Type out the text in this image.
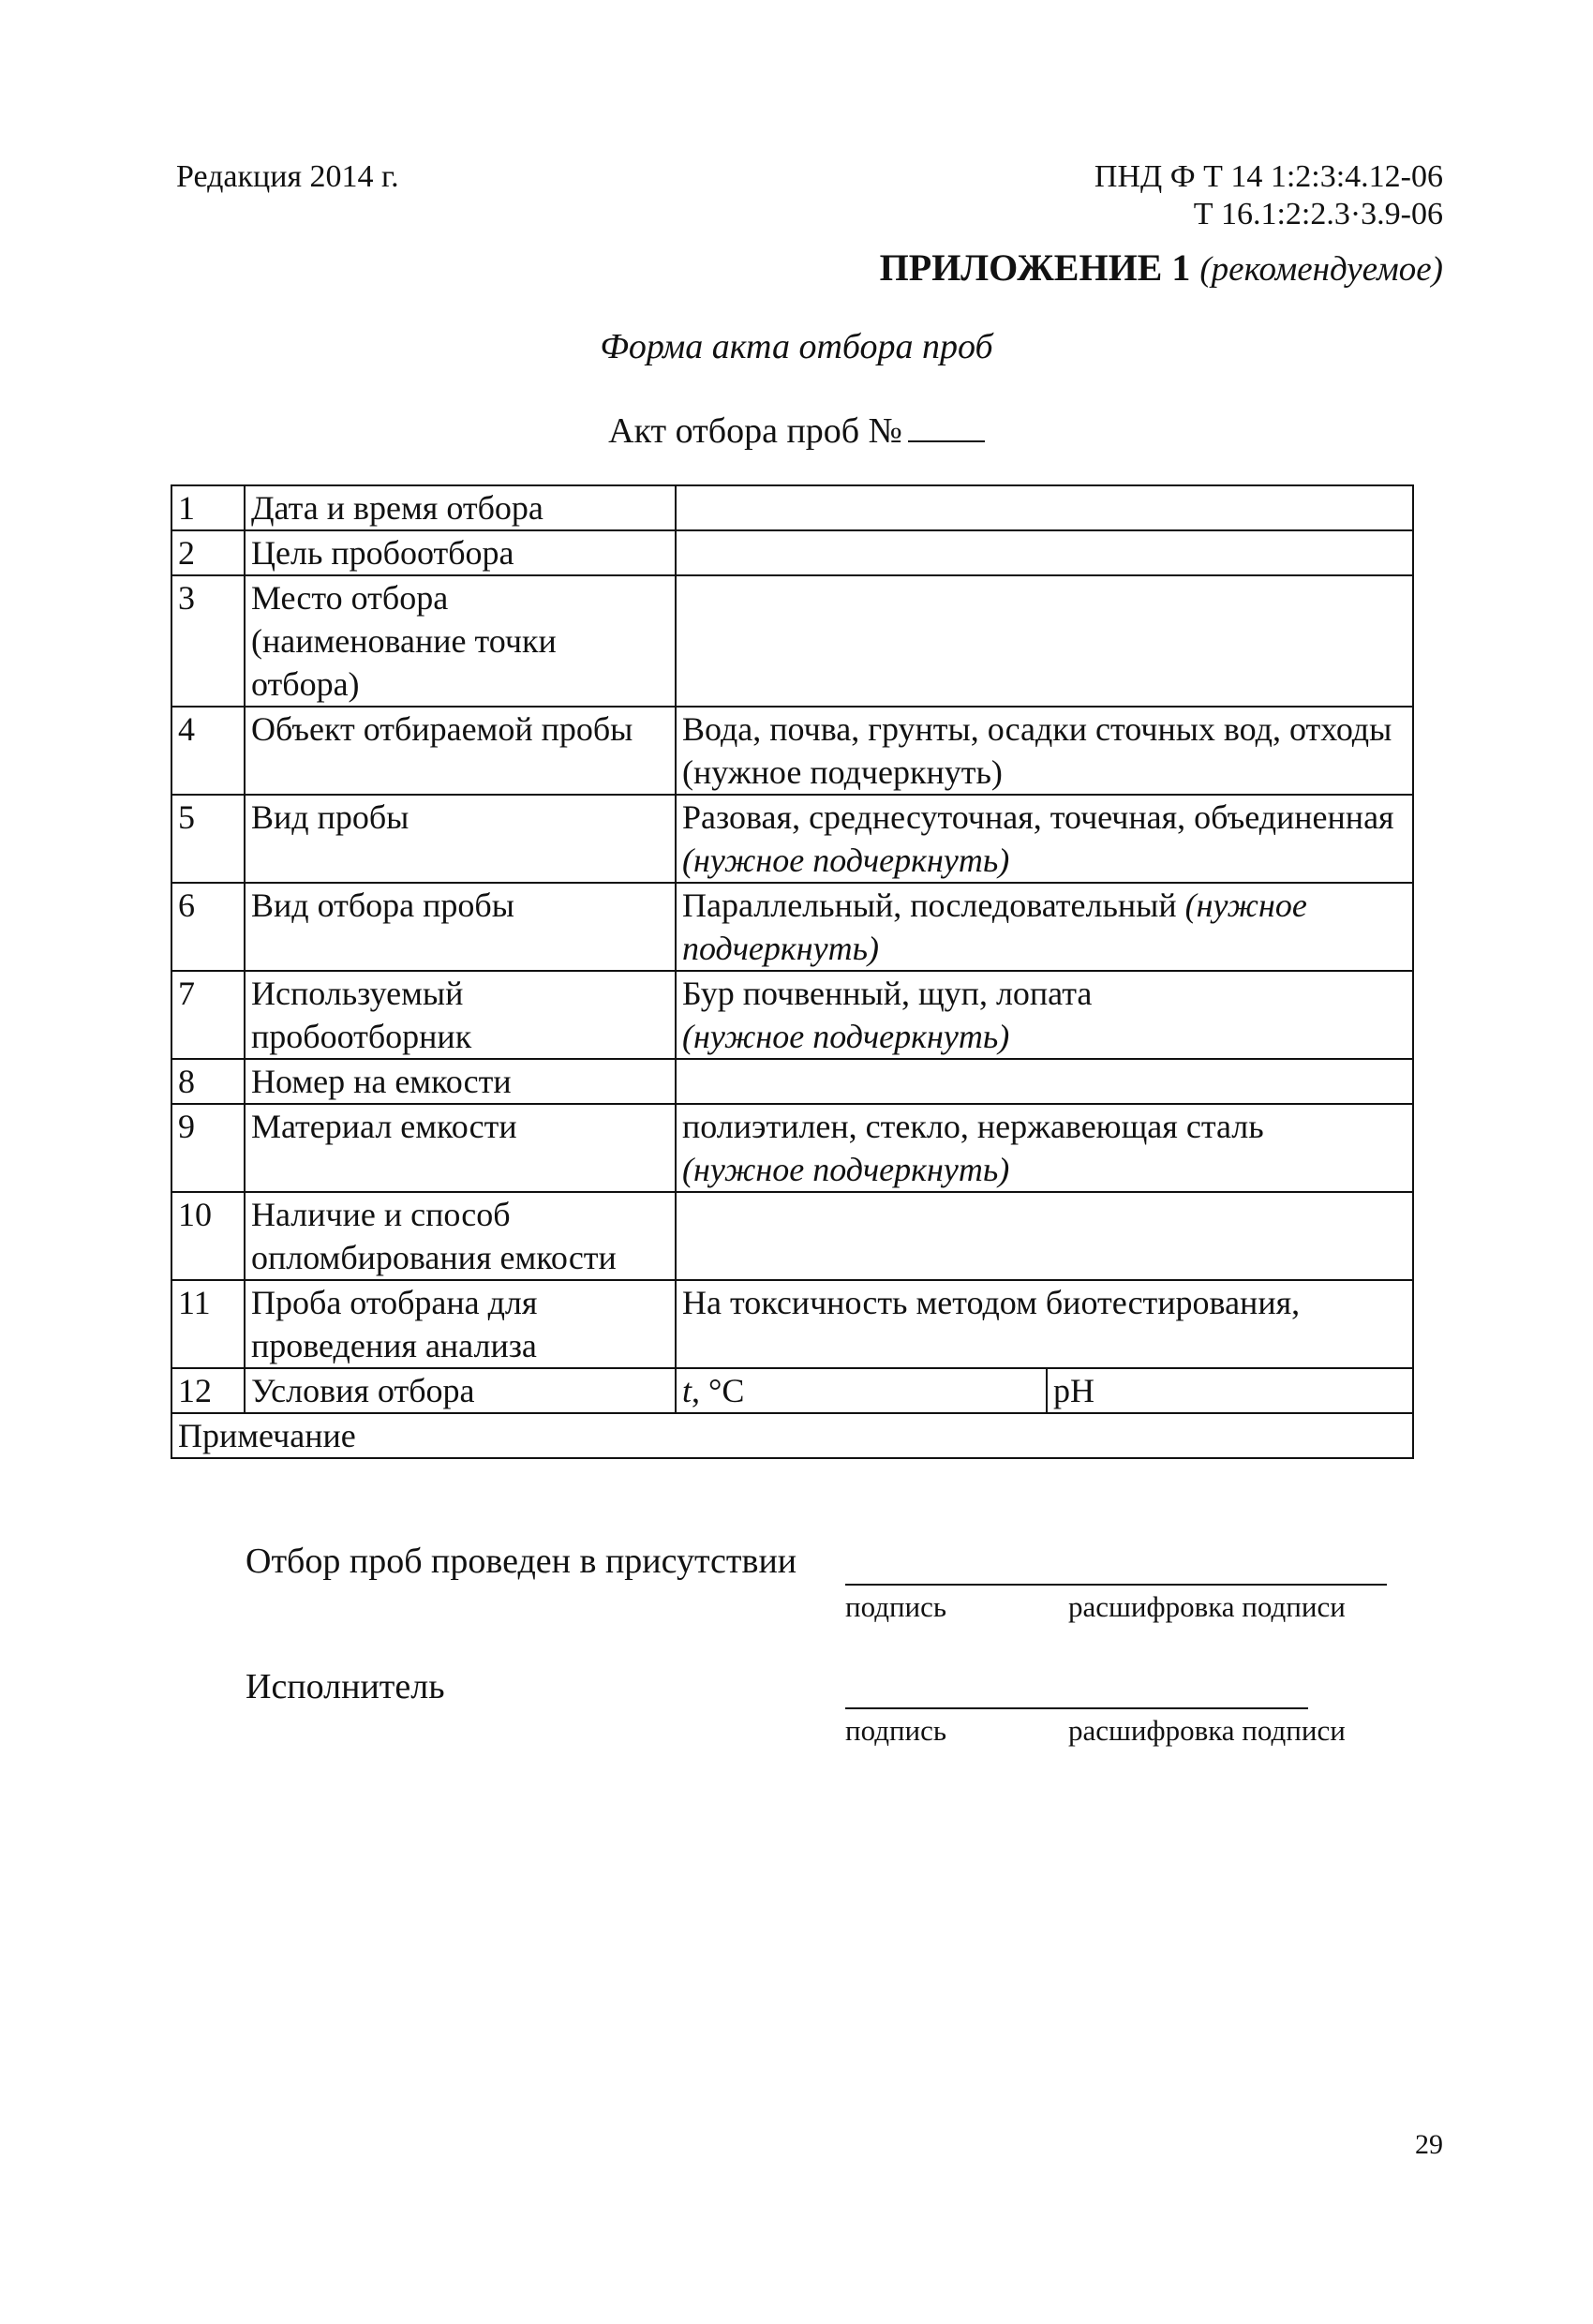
Редакция 2014 г.	ПНД Ф Т 14 1:2:3:4.12-06
Т 16.1:2:2.3·3.9-06
ПРИЛОЖЕНИЕ 1 (рекомендуемое)
Форма акта отбора проб
Акт отбора проб №
1	Дата и время отбора	
2	Цель пробоотбора	
3	Место отбора (наименование точки отбора)	
4	Объект отбираемой пробы	Вода, почва, грунты, осадки сточных вод, отходы (нужное подчеркнуть)
5	Вид пробы	Разовая, среднесуточная, точечная, объединенная (нужное подчеркнуть)
6	Вид отбора пробы	Параллельный, последовательный (нужное подчеркнуть)
7	Используемый пробоотборник	Бур почвенный, щуп, лопата
(нужное подчеркнуть)
8	Номер на емкости	
9	Материал емкости	полиэтилен, стекло, нержавеющая сталь
(нужное подчеркнуть)
10	Наличие и способ опломбирования емкости	
11	Проба отобрана для проведения анализа	На токсичность методом биотестирования,
12	Условия отбора	t, °C pH

Примечание		
Отбор проб проведен в присутствии
подпись	расшифровка подписи
Исполнитель
подпись	расшифровка подписи
29
